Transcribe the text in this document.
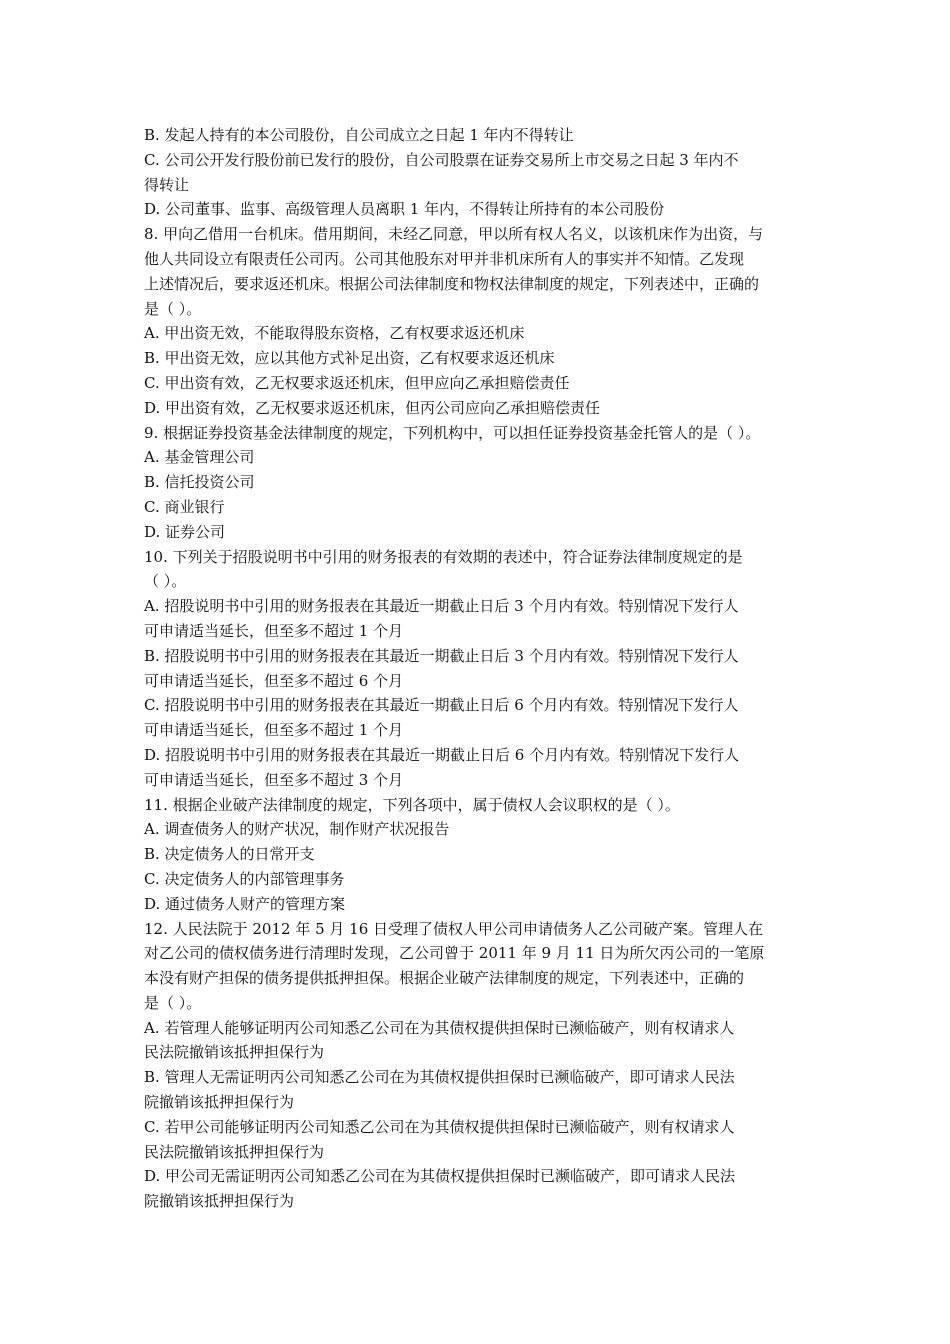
B. 发起人持有的本公司股份，自公司成立之日起 1 年内不得转让
C. 公司公开发行股份前已发行的股份，自公司股票在证券交易所上市交易之日起 3 年内不
得转让
D. 公司董事、监事、高级管理人员离职 1 年内，不得转让所持有的本公司股份
8. 甲向乙借用一台机床。借用期间，未经乙同意，甲以所有权人名义，以该机床作为出资，与
他人共同设立有限责任公司丙。公司其他股东对甲并非机床所有人的事实并不知情。乙发现
上述情况后，要求返还机床。根据公司法律制度和物权法律制度的规定，下列表述中，正确的
是（ ）。
A. 甲出资无效，不能取得股东资格，乙有权要求返还机床
B. 甲出资无效，应以其他方式补足出资，乙有权要求返还机床
C. 甲出资有效，乙无权要求返还机床，但甲应向乙承担赔偿责任
D. 甲出资有效，乙无权要求返还机床，但丙公司应向乙承担赔偿责任
9. 根据证券投资基金法律制度的规定，下列机构中，可以担任证券投资基金托管人的是（ ）。
A. 基金管理公司
B. 信托投资公司
C. 商业银行
D. 证券公司
10. 下列关于招股说明书中引用的财务报表的有效期的表述中，符合证券法律制度规定的是
（ ）。
A. 招股说明书中引用的财务报表在其最近一期截止日后 3 个月内有效。特别情况下发行人
可申请适当延长，但至多不超过 1 个月
B. 招股说明书中引用的财务报表在其最近一期截止日后 3 个月内有效。特别情况下发行人
可申请适当延长，但至多不超过 6 个月
C. 招股说明书中引用的财务报表在其最近一期截止日后 6 个月内有效。特别情况下发行人
可申请适当延长，但至多不超过 1 个月
D. 招股说明书中引用的财务报表在其最近一期截止日后 6 个月内有效。特别情况下发行人
可申请适当延长，但至多不超过 3 个月
11. 根据企业破产法律制度的规定，下列各项中，属于债权人会议职权的是（ ）。
A. 调查债务人的财产状况，制作财产状况报告
B. 决定债务人的日常开支
C. 决定债务人的内部管理事务
D. 通过债务人财产的管理方案
12. 人民法院于 2012 年 5 月 16 日受理了债权人甲公司申请债务人乙公司破产案。管理人在
对乙公司的债权债务进行清理时发现，乙公司曾于 2011 年 9 月 11 日为所欠丙公司的一笔原
本没有财产担保的债务提供抵押担保。根据企业破产法律制度的规定，下列表述中，正确的
是（ ）。
A. 若管理人能够证明丙公司知悉乙公司在为其债权提供担保时已濒临破产，则有权请求人
民法院撤销该抵押担保行为
B. 管理人无需证明丙公司知悉乙公司在为其债权提供担保时已濒临破产，即可请求人民法
院撤销该抵押担保行为
C. 若甲公司能够证明丙公司知悉乙公司在为其债权提供担保时已濒临破产，则有权请求人
民法院撤销该抵押担保行为
D. 甲公司无需证明丙公司知悉乙公司在为其债权提供担保时已濒临破产，即可请求人民法
院撤销该抵押担保行为
